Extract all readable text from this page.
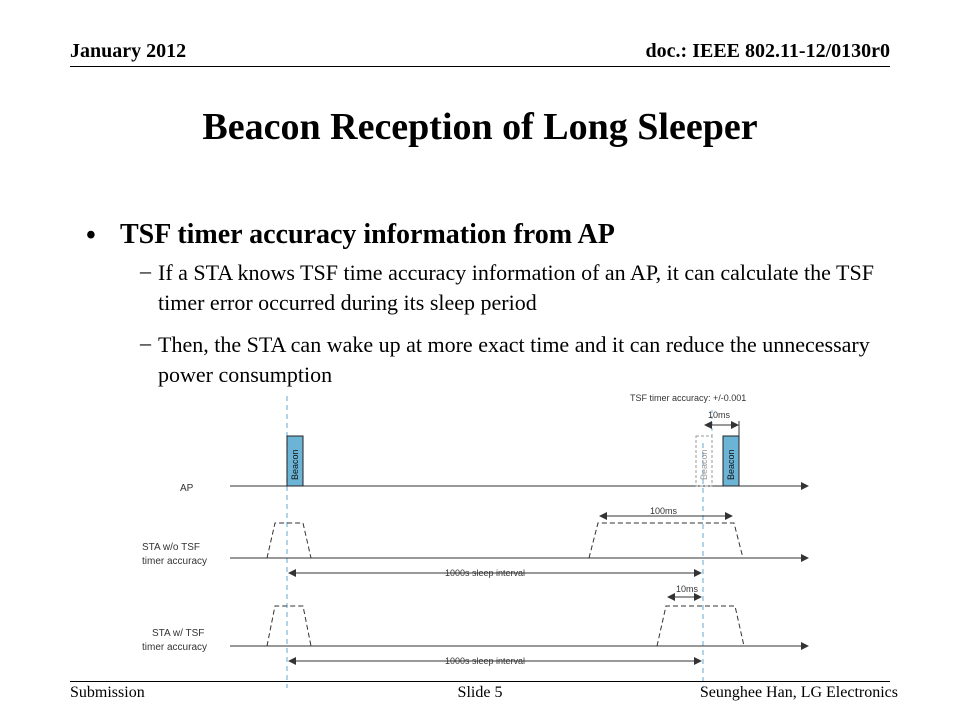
January 2012	doc.: IEEE 802.11-12/0130r0
Beacon Reception of Long Sleeper
• TSF timer accuracy information from AP
– If a STA knows TSF time accuracy information of an AP, it can calculate the TSF timer error occurred during its sleep period
– Then, the STA can wake up at more exact time and it can reduce the unnecessary power consumption
TSF timer accuracy: +/-0.001
10ms
AP
Beacon	Beacon Beacon
STA w/o TSF
timer accuracy
100ms
1000s sleep interval
STA w/ TSF
timer accuracy
10ms
1000s sleep interval
Submission	Slide 5	Seunghee Han, LG Electronics
